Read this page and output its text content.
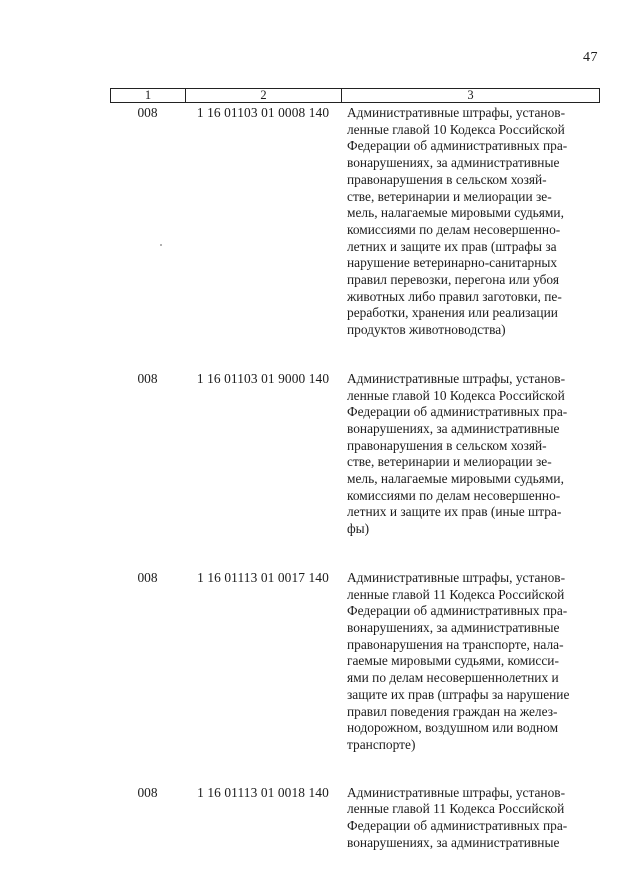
47
1	2	3
008	1 16 01103 01 0008 140	Административные штрафы, установ-
ленные главой 10 Кодекса Российской
Федерации об административных пра-
вонарушениях, за административные
правонарушения в сельском хозяй-
стве, ветеринарии и мелиорации зе-
мель, налагаемые мировыми судьями,
комиссиями по делам несовершенно-
летних и защите их прав (штрафы за
нарушение ветеринарно-санитарных
правил перевозки, перегона или убоя
животных либо правил заготовки, пе-
реработки, хранения или реализации
продуктов животноводства)
008	1 16 01103 01 9000 140	Административные штрафы, установ-
ленные главой 10 Кодекса Российской
Федерации об административных пра-
вонарушениях, за административные
правонарушения в сельском хозяй-
стве, ветеринарии и мелиорации зе-
мель, налагаемые мировыми судьями,
комиссиями по делам несовершенно-
летних и защите их прав (иные штра-
фы)
008	1 16 01113 01 0017 140	Административные штрафы, установ-
ленные главой 11 Кодекса Российской
Федерации об административных пра-
вонарушениях, за административные
правонарушения на транспорте, нала-
гаемые мировыми судьями, комисси-
ями по делам несовершеннолетних и
защите их прав (штрафы за нарушение
правил поведения граждан на желез-
нодорожном, воздушном или водном
транспорте)
008	1 16 01113 01 0018 140	Административные штрафы, установ-
ленные главой 11 Кодекса Российской
Федерации об административных пра-
вонарушениях, за административные
